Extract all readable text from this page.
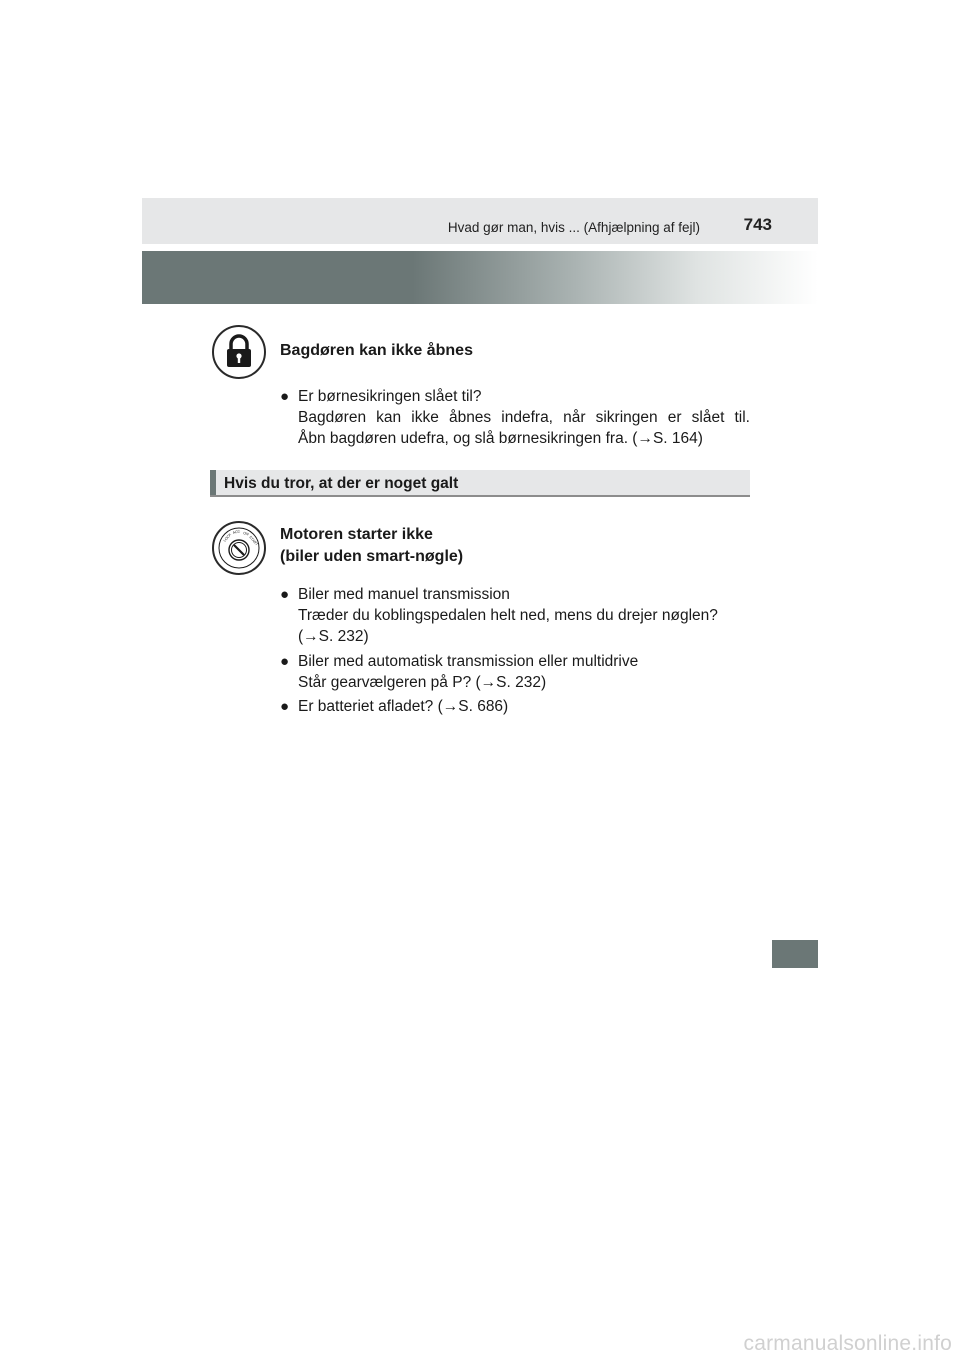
Hvad gør man, hvis ... (Afhjælpning af fejl)	743
Bagdøren kan ikke åbnes
● Er børnesikringen slået til?
Bagdøren kan ikke åbnes indefra, når sikringen er slået til.
Åbn bagdøren udefra, og slå børnesikringen fra. (→S. 164)
Hvis du tror, at der er noget galt
LOCK
ACC ON
START Motoren starter ikke
(biler uden smart-nøgle)
● Biler med manuel transmission
Træder du koblingspedalen helt ned, mens du drejer nøglen?
(→S. 232)
● Biler med automatisk transmission eller multidrive
Står gearvælgeren på P? (→S. 232)
● Er batteriet afladet? (→S. 686)
carmanualsonline.info
